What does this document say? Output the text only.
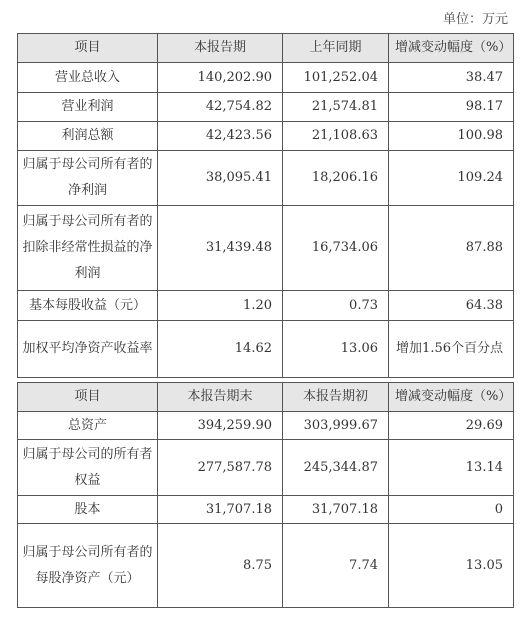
单位：万元
项目	本报告期	上年同期	增减变动幅度（%）
营业总收入	140,202.90	101,252.04	38.47
营业利润	42,754.82	21,574.81	98.17
利润总额	42,423.56	21,108.63	100.98
归属于母公司所有者的净利润	38,095.41	18,206.16	109.24
归属于母公司所有者的扣除非经常性损益的净利润	31,439.48	16,734.06	87.88
基本每股收益（元）	1.20	0.73	64.38
加权平均净资产收益率	14.62	13.06	增加1.56个百分点
项目	本报告期末	本报告期初	增减变动幅度（%）
总资产	394,259.90	303,999.67	29.69
归属于母公司的所有者权益	277,587.78	245,344.87	13.14
股本	31,707.18	31,707.18	0
归属于母公司所有者的每股净资产（元）	8.75	7.74	13.05
